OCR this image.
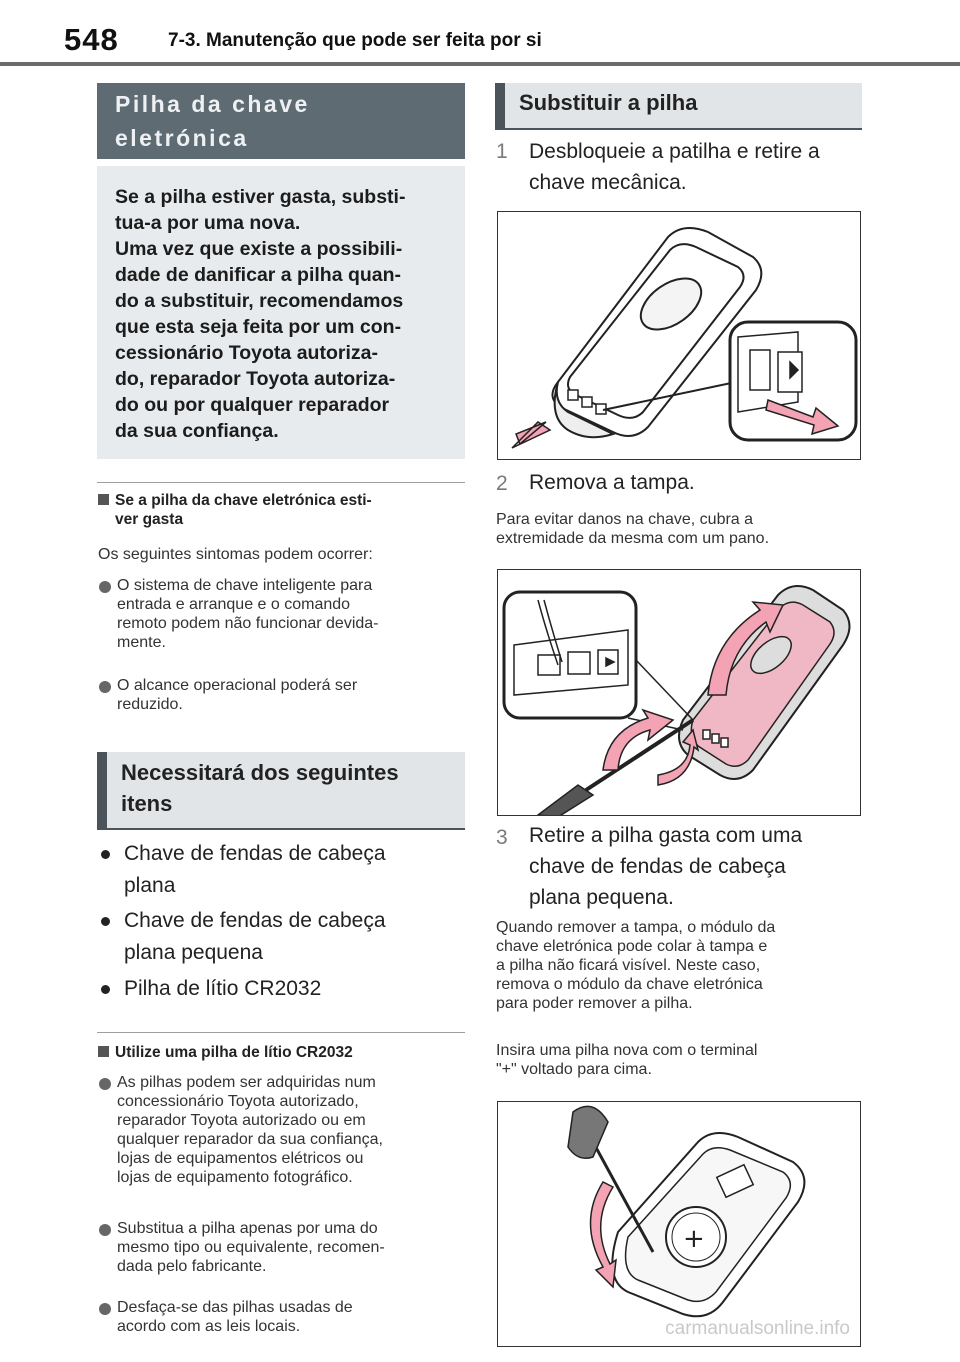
548	7-3. Manutenção que pode ser feita por si
Pilha da chave
eletrónica
Se a pilha estiver gasta, substi-
tua-a por uma nova.
Uma vez que existe a possibili-
dade de danificar a pilha quan-
do a substituir, recomendamos
que esta seja feita por um con-
cessionário Toyota autoriza-
do, reparador Toyota autoriza-
do ou por qualquer reparador
da sua confiança.
Se a pilha da chave eletrónica esti-
ver gasta
Os seguintes sintomas podem ocorrer:
O sistema de chave inteligente para
entrada e arranque e o comando
remoto podem não funcionar devida-
mente.
O alcance operacional poderá ser
reduzido.
Necessitará dos seguintes
itens
Chave de fendas de cabeça
plana
Chave de fendas de cabeça
plana pequena
Pilha de lítio CR2032
Utilize uma pilha de lítio CR2032
As pilhas podem ser adquiridas num
concessionário Toyota autorizado,
reparador Toyota autorizado ou em
qualquer reparador da sua confiança,
lojas de equipamentos elétricos ou
lojas de equipamento fotográfico.
Substitua a pilha apenas por uma do
mesmo tipo ou equivalente, recomen-
dada pelo fabricante.
Desfaça-se das pilhas usadas de
acordo com as leis locais.
Substituir a pilha
1 Desbloqueie a patilha e retire a
chave mecânica.
2 Remova a tampa.
Para evitar danos na chave, cubra a
extremidade da mesma com um pano.
3 Retire a pilha gasta com uma
chave de fendas de cabeça
plana pequena.
Quando remover a tampa, o módulo da
chave eletrónica pode colar à tampa e
a pilha não ficará visível. Neste caso,
remova o módulo da chave eletrónica
para poder remover a pilha.
Insira uma pilha nova com o terminal
"+" voltado para cima.
+
carmanualsonline.info
